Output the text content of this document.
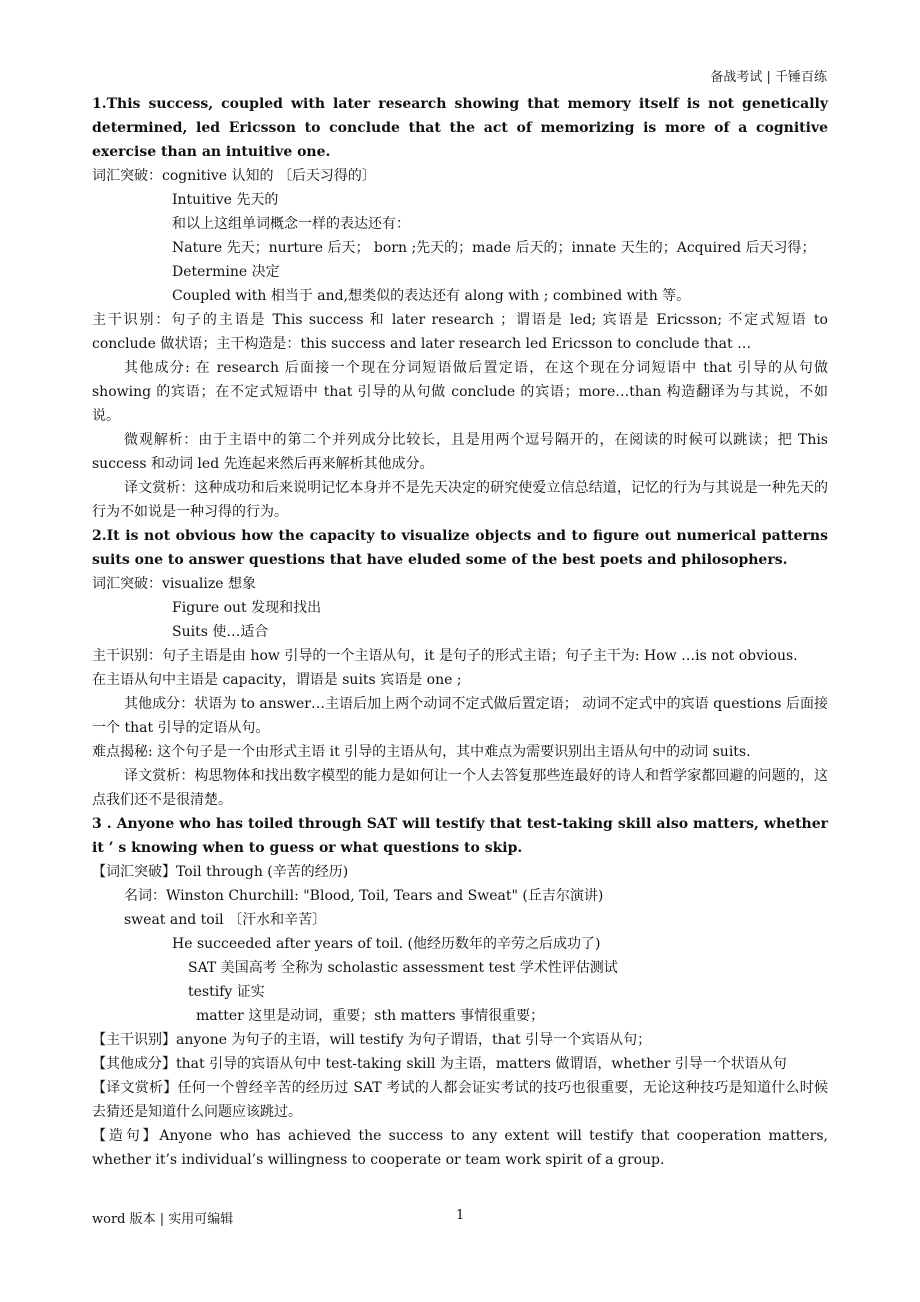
备战考试 | 千锤百练

1.This success, coupled with later research showing that memory itself is not genetically determined, led Ericsson to conclude that the act of memorizing is more of a cognitive exercise than an intuitive one.

词汇突破：cognitive 认知的 〔后天习得的〕

Intuitive 先天的

和以上这组单词概念一样的表达还有：

Nature 先天；nurture 后天； born ;先天的；made 后天的；innate 天生的；Acquired 后天习得；

Determine 决定

Coupled with 相当于 and,想类似的表达还有 along with ; combined with 等。

主干识别：句子的主语是 This success 和 later research ；谓语是 led; 宾语是 Ericsson; 不定式短语 to conclude 做状语；主干构造是：this success and later research led Ericsson to conclude that …

其他成分: 在 research 后面接一个现在分词短语做后置定语，在这个现在分词短语中 that 引导的从句做 showing 的宾语；在不定式短语中 that 引导的从句做 conclude 的宾语；more…than 构造翻译为与其说，不如说。

微观解析：由于主语中的第二个并列成分比较长，且是用两个逗号隔开的，在阅读的时候可以跳读；把 This success 和动词 led 先连起来然后再来解析其他成分。

译文赏析：这种成功和后来说明记忆本身并不是先天决定的研究使爱立信总结道，记忆的行为与其说是一种先天的行为不如说是一种习得的行为。

2.It is not obvious how the capacity to visualize objects and to figure out numerical patterns suits one to answer questions that have eluded some of the best poets and philosophers.

词汇突破：visualize 想象

Figure out 发现和找出

Suits 使…适合

主干识别：句子主语是由 how 引导的一个主语从句，it 是句子的形式主语；句子主干为: How …is not obvious.

在主语从句中主语是 capacity，谓语是 suits 宾语是 one ;

其他成分：状语为 to answer…主语后加上两个动词不定式做后置定语； 动词不定式中的宾语 questions 后面接一个 that 引导的定语从句。

难点揭秘: 这个句子是一个由形式主语 it 引导的主语从句，其中难点为需要识别出主语从句中的动词 suits.

译文赏析：构思物体和找出数字模型的能力是如何让一个人去答复那些连最好的诗人和哲学家都回避的问题的，这点我们还不是很清楚。

3 . Anyone who has toiled through SAT will testify that test-taking skill also matters, whether it ’ s knowing when to guess or what questions to skip.

【词汇突破】Toil through (辛苦的经历)

名词：Winston Churchill: "Blood, Toil, Tears and Sweat" (丘吉尔演讲)

sweat and toil 〔汗水和辛苦〕

He succeeded after years of toil. (他经历数年的辛劳之后成功了)

SAT 美国高考 全称为 scholastic assessment test 学术性评估测试

testify 证实

matter 这里是动词，重要；sth matters 事情很重要；

【主干识别】anyone 为句子的主语，will testify 为句子谓语，that 引导一个宾语从句；

【其他成分】that 引导的宾语从句中 test-taking skill 为主语，matters 做谓语，whether 引导一个状语从句

【译文赏析】任何一个曾经辛苦的经历过 SAT 考试的人都会证实考试的技巧也很重要，无论这种技巧是知道什么时候去猜还是知道什么问题应该跳过。

【造句】Anyone who has achieved the success to any extent will testify that cooperation matters, whether it’s individual’s willingness to cooperate or team work spirit of a group.

word 版本 | 实用可编辑	1
